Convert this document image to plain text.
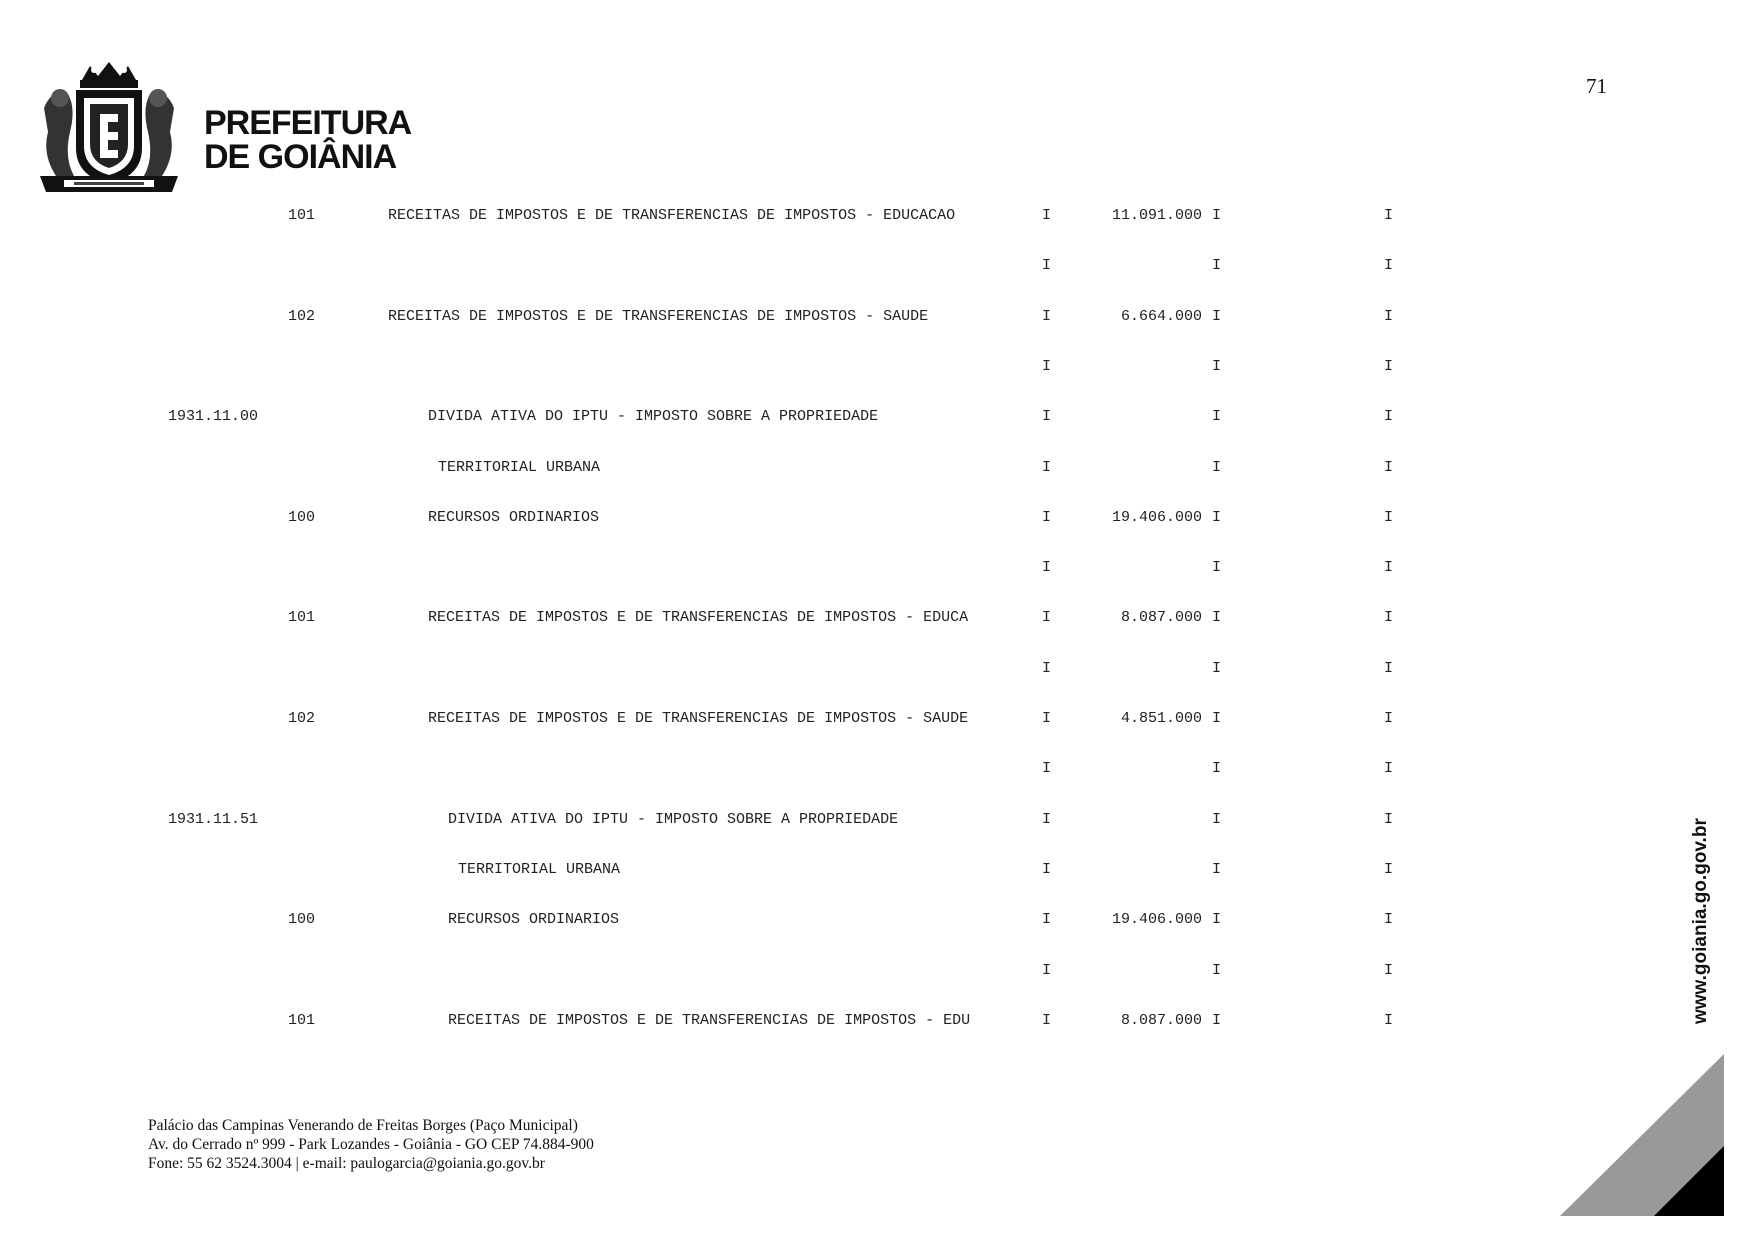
71
PREFEITURA
DE GOIÂNIA
101	RECEITAS DE IMPOSTOS E DE TRANSFERENCIAS DE IMPOSTOS - EDUCACAO	I	11.091.000 I	I
I	I	I
102	RECEITAS DE IMPOSTOS E DE TRANSFERENCIAS DE IMPOSTOS - SAUDE	I	6.664.000 I	I
I	I	I
1931.11.00	DIVIDA ATIVA DO IPTU - IMPOSTO SOBRE A PROPRIEDADE	I	I	I
TERRITORIAL URBANA	I	I	I
100	RECURSOS ORDINARIOS	I	19.406.000 I	I
I	I	I
101	RECEITAS DE IMPOSTOS E DE TRANSFERENCIAS DE IMPOSTOS - EDUCA	I	8.087.000 I	I
I	I	I
102	RECEITAS DE IMPOSTOS E DE TRANSFERENCIAS DE IMPOSTOS - SAUDE	I	4.851.000 I	I
I	I	I
1931.11.51	DIVIDA ATIVA DO IPTU - IMPOSTO SOBRE A PROPRIEDADE	I	I	I
TERRITORIAL URBANA	I	I	I
100	RECURSOS ORDINARIOS	I	19.406.000 I	I
I	I	I
101	RECEITAS DE IMPOSTOS E DE TRANSFERENCIAS DE IMPOSTOS - EDU	I	8.087.000 I	I
Palácio das Campinas Venerando de Freitas Borges (Paço Municipal)
Av. do Cerrado nº 999 - Park Lozandes - Goiânia - GO CEP 74.884-900
Fone: 55 62 3524.3004 | e-mail: paulogarcia@goiania.go.gov.br
www.goiania.go.gov.br
